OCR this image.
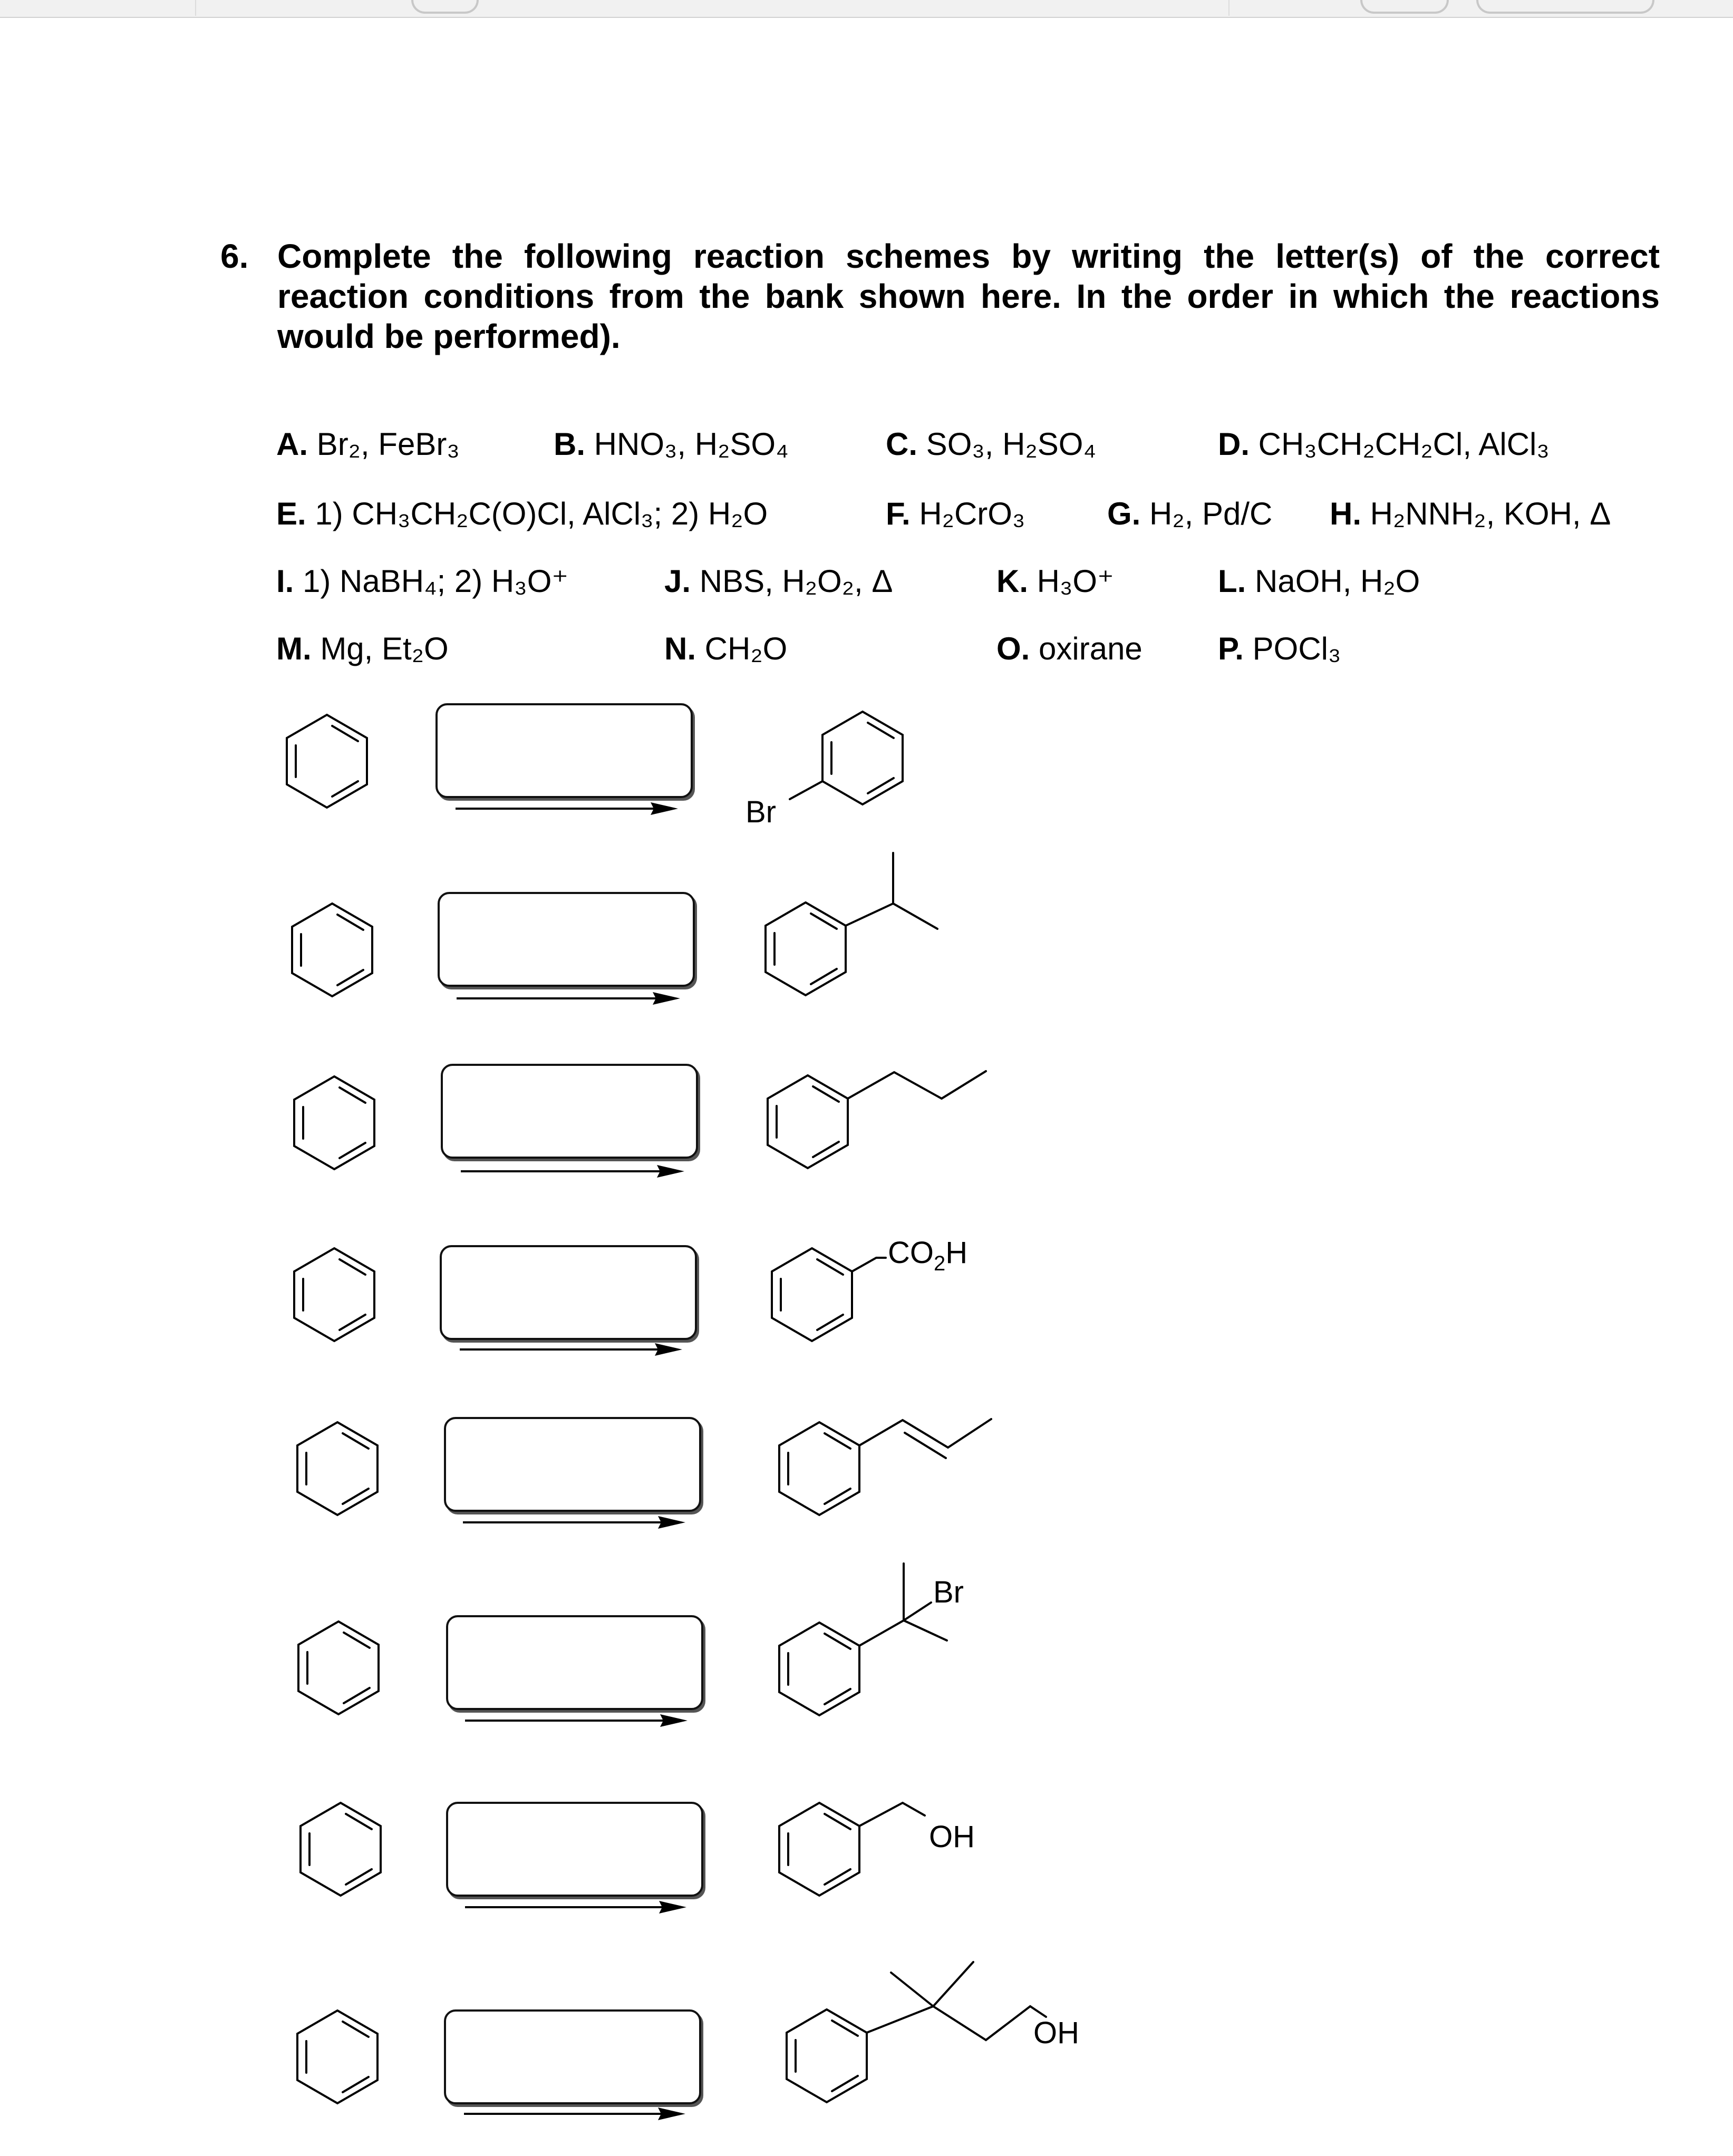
6. Complete the following reaction schemes by writing the letter(s) of the correct reaction conditions from the bank shown here. In the order in which the reactions would be performed).
A. Br₂, FeBr₃	B. HNO₃, H₂SO₄	C. SO₃, H₂SO₄	D. CH₃CH₂CH₂Cl, AlCl₃
E. 1) CH₃CH₂C(O)Cl, AlCl₃; 2) H₂O	F. H₂CrO₃	G. H₂, Pd/C H. H₂NNH₂, KOH, Δ
I. 1) NaBH₄; 2) H₃O⁺	J. NBS, H₂O₂, Δ	K. H₃O⁺	L. NaOH, H₂O
M. Mg, Et₂O	N. CH₂O	O. oxirane P. POCl₃
Br
$CO_2H$
Br
OH
OH
